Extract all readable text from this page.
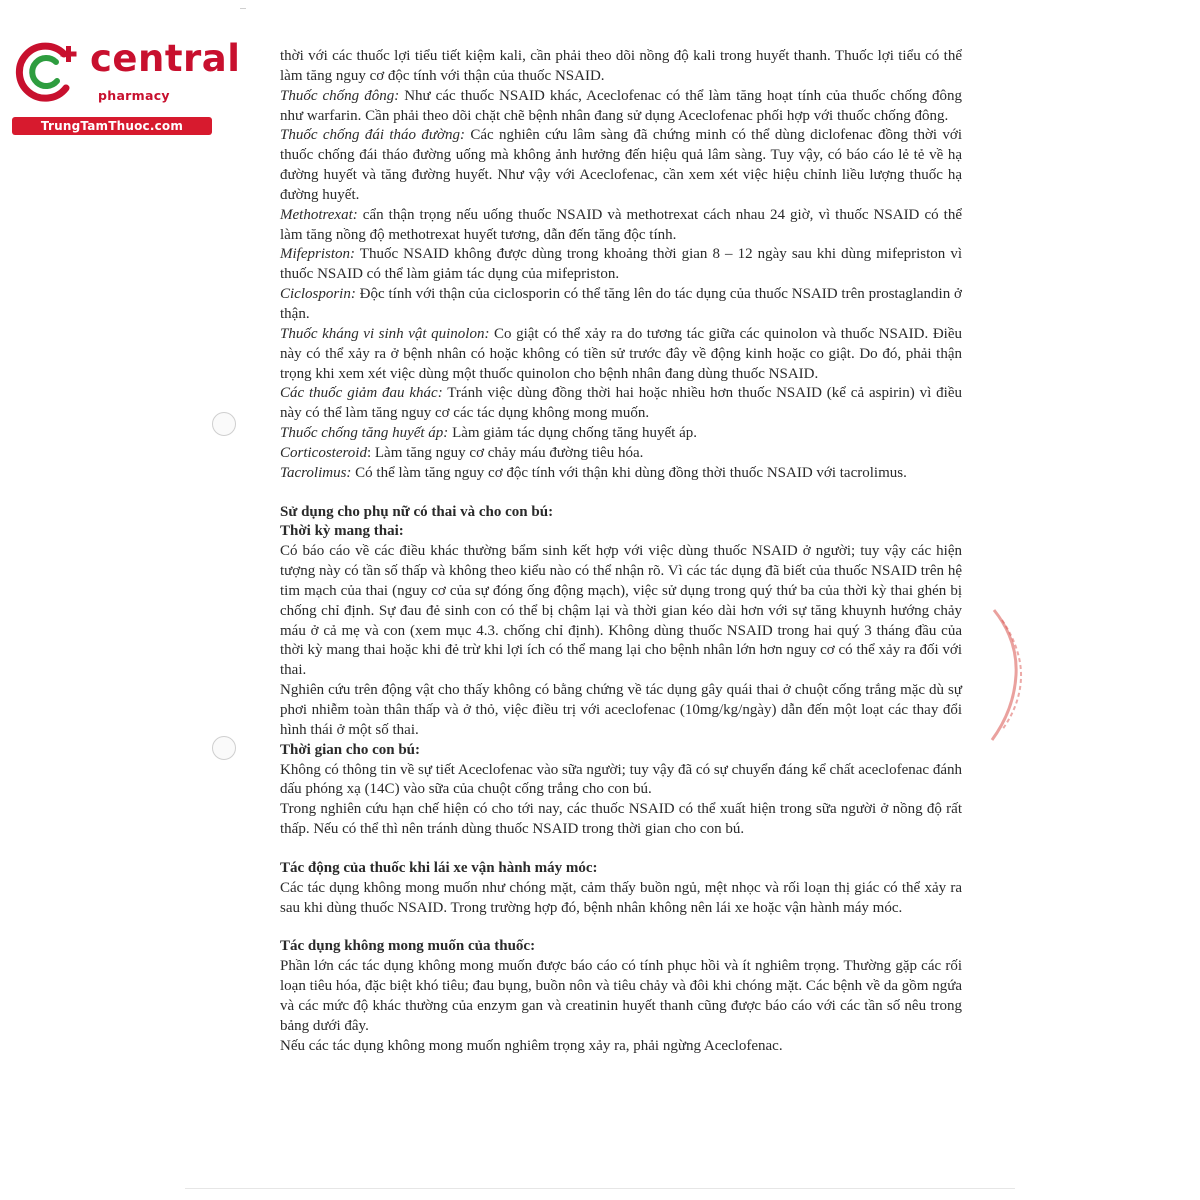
central
pharmacy
TrungTamThuoc.com

thời với các thuốc lợi tiểu tiết kiệm kali, cần phải theo dõi nồng độ kali trong huyết thanh. Thuốc lợi tiểu có thể làm tăng nguy cơ độc tính với thận của thuốc NSAID.

Thuốc chống đông: Như các thuốc NSAID khác, Aceclofenac có thể làm tăng hoạt tính của thuốc chống đông như warfarin. Cần phải theo dõi chặt chẽ bệnh nhân đang sử dụng Aceclofenac phối hợp với thuốc chống đông.

Thuốc chống đái tháo đường: Các nghiên cứu lâm sàng đã chứng minh có thể dùng diclofenac đồng thời với thuốc chống đái tháo đường uống mà không ảnh hưởng đến hiệu quả lâm sàng. Tuy vậy, có báo cáo lẻ tẻ về hạ đường huyết và tăng đường huyết. Như vậy với Aceclofenac, cần xem xét việc hiệu chỉnh liều lượng thuốc hạ đường huyết.

Methotrexat: cẩn thận trọng nếu uống thuốc NSAID và methotrexat cách nhau 24 giờ, vì thuốc NSAID có thể làm tăng nồng độ methotrexat huyết tương, dẫn đến tăng độc tính.

Mifepriston: Thuốc NSAID không được dùng trong khoảng thời gian 8 – 12 ngày sau khi dùng mifepriston vì thuốc NSAID có thể làm giảm tác dụng của mifepriston.

Ciclosporin: Độc tính với thận của ciclosporin có thể tăng lên do tác dụng của thuốc NSAID trên prostaglandin ở thận.

Thuốc kháng vi sinh vật quinolon: Co giật có thể xảy ra do tương tác giữa các quinolon và thuốc NSAID. Điều này có thể xảy ra ở bệnh nhân có hoặc không có tiền sử trước đây về động kinh hoặc co giật. Do đó, phải thận trọng khi xem xét việc dùng một thuốc quinolon cho bệnh nhân đang dùng thuốc NSAID.

Các thuốc giảm đau khác: Tránh việc dùng đồng thời hai hoặc nhiều hơn thuốc NSAID (kể cả aspirin) vì điều này có thể làm tăng nguy cơ các tác dụng không mong muốn.

Thuốc chống tăng huyết áp: Làm giảm tác dụng chống tăng huyết áp.

Corticosteroid: Làm tăng nguy cơ chảy máu đường tiêu hóa.

Tacrolimus: Có thể làm tăng nguy cơ độc tính với thận khi dùng đồng thời thuốc NSAID với tacrolimus.

Sử dụng cho phụ nữ có thai và cho con bú:
Thời kỳ mang thai:

Có báo cáo về các điều khác thường bẩm sinh kết hợp với việc dùng thuốc NSAID ở người; tuy vậy các hiện tượng này có tần số thấp và không theo kiểu nào có thể nhận rõ. Vì các tác dụng đã biết của thuốc NSAID trên hệ tim mạch của thai (nguy cơ của sự đóng ống động mạch), việc sử dụng trong quý thứ ba của thời kỳ thai ghén bị chống chỉ định. Sự đau đẻ sinh con có thể bị chậm lại và thời gian kéo dài hơn với sự tăng khuynh hướng chảy máu ở cả mẹ và con (xem mục 4.3. chống chỉ định). Không dùng thuốc NSAID trong hai quý 3 tháng đầu của thời kỳ mang thai hoặc khi đẻ trừ khi lợi ích có thể mang lại cho bệnh nhân lớn hơn nguy cơ có thể xảy ra đối với thai.

Nghiên cứu trên động vật cho thấy không có bằng chứng về tác dụng gây quái thai ở chuột cống trắng mặc dù sự phơi nhiễm toàn thân thấp và ở thỏ, việc điều trị với aceclofenac (10mg/kg/ngày) dẫn đến một loạt các thay đổi hình thái ở một số thai.

Thời gian cho con bú:

Không có thông tin về sự tiết Aceclofenac vào sữa người; tuy vậy đã có sự chuyển đáng kể chất aceclofenac đánh dấu phóng xạ (14C) vào sữa của chuột cống trắng cho con bú.

Trong nghiên cứu hạn chế hiện có cho tới nay, các thuốc NSAID có thể xuất hiện trong sữa người ở nồng độ rất thấp. Nếu có thể thì nên tránh dùng thuốc NSAID trong thời gian cho con bú.

Tác động của thuốc khi lái xe vận hành máy móc:

Các tác dụng không mong muốn như chóng mặt, cảm thấy buồn ngủ, mệt nhọc và rối loạn thị giác có thể xảy ra sau khi dùng thuốc NSAID. Trong trường hợp đó, bệnh nhân không nên lái xe hoặc vận hành máy móc.

Tác dụng không mong muốn của thuốc:

Phần lớn các tác dụng không mong muốn được báo cáo có tính phục hồi và ít nghiêm trọng. Thường gặp các rối loạn tiêu hóa, đặc biệt khó tiêu; đau bụng, buồn nôn và tiêu chảy và đôi khi chóng mặt. Các bệnh về da gồm ngứa và các mức độ khác thường của enzym gan và creatinin huyết thanh cũng được báo cáo với các tần số nêu trong bảng dưới đây.

Nếu các tác dụng không mong muốn nghiêm trọng xảy ra, phải ngừng Aceclofenac.
